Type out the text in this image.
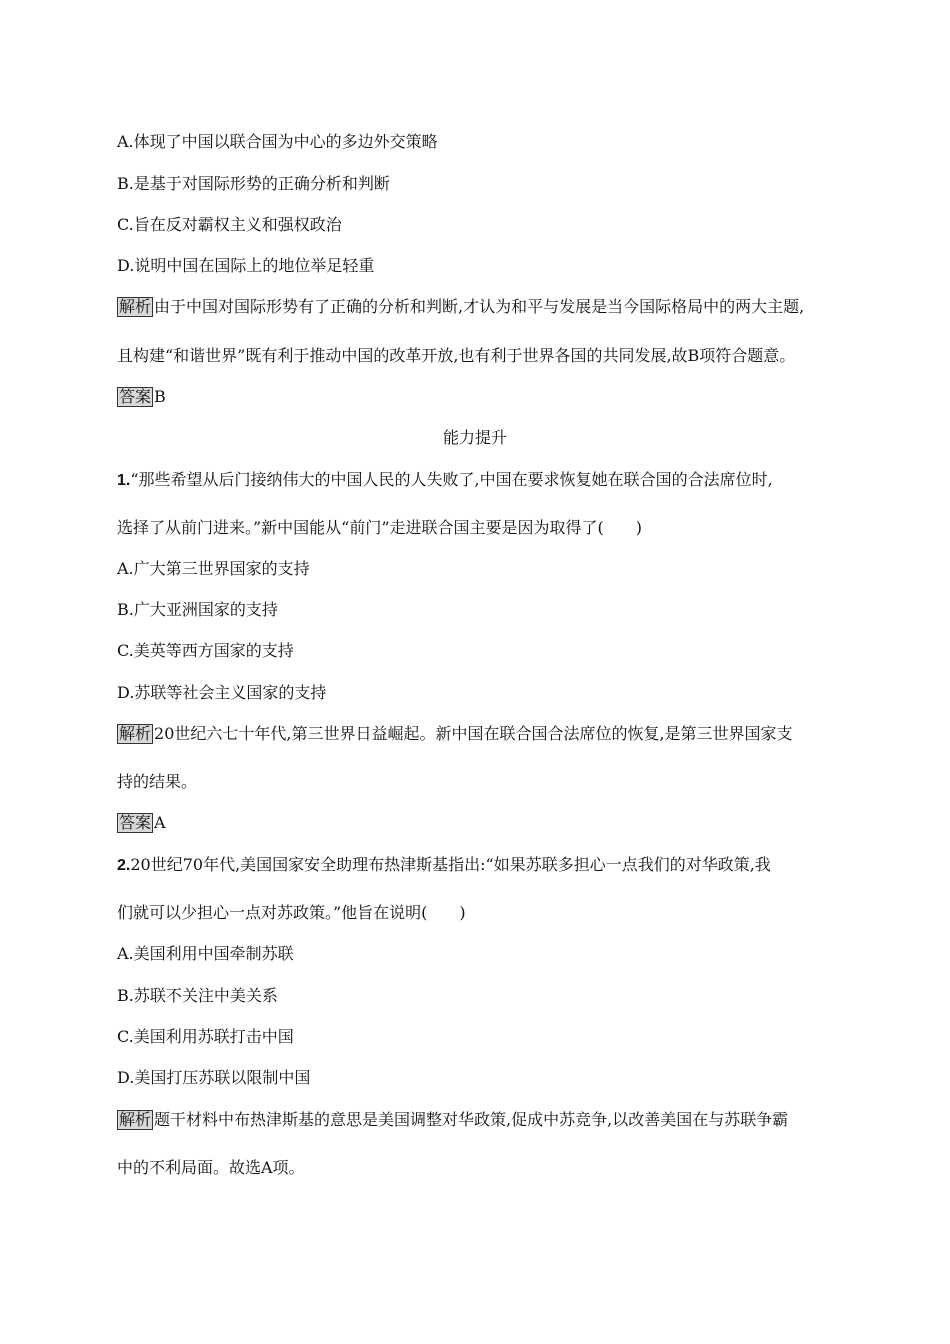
A.体现了中国以联合国为中心的多边外交策略
B.是基于对国际形势的正确分析和判断
C.旨在反对霸权主义和强权政治
D.说明中国在国际上的地位举足轻重
解析 由于中国对国际形势有了正确的分析和判断,才认为和平与发展是当今国际格局中的两大主题,
且构建“和谐世界”既有利于推动中国的改革开放,也有利于世界各国的共同发展,故B项符合题意。
答案 B
能力提升
1.“那些希望从后门接纳伟大的中国人民的人失败了,中国在要求恢复她在联合国的合法席位时,
选择了从前门进来。”新中国能从“前门”走进联合国主要是因为取得了(　　)
A.广大第三世界国家的支持
B.广大亚洲国家的支持
C.美英等西方国家的支持
D.苏联等社会主义国家的支持
解析 20世纪六七十年代,第三世界日益崛起。新中国在联合国合法席位的恢复,是第三世界国家支
持的结果。
答案 A
2.20世纪70年代,美国国家安全助理布热津斯基指出:“如果苏联多担心一点我们的对华政策,我
们就可以少担心一点对苏政策。”他旨在说明(　　)
A.美国利用中国牵制苏联
B.苏联不关注中美关系
C.美国利用苏联打击中国
D.美国打压苏联以限制中国
解析 题干材料中布热津斯基的意思是美国调整对华政策,促成中苏竞争,以改善美国在与苏联争霸
中的不利局面。故选A项。
